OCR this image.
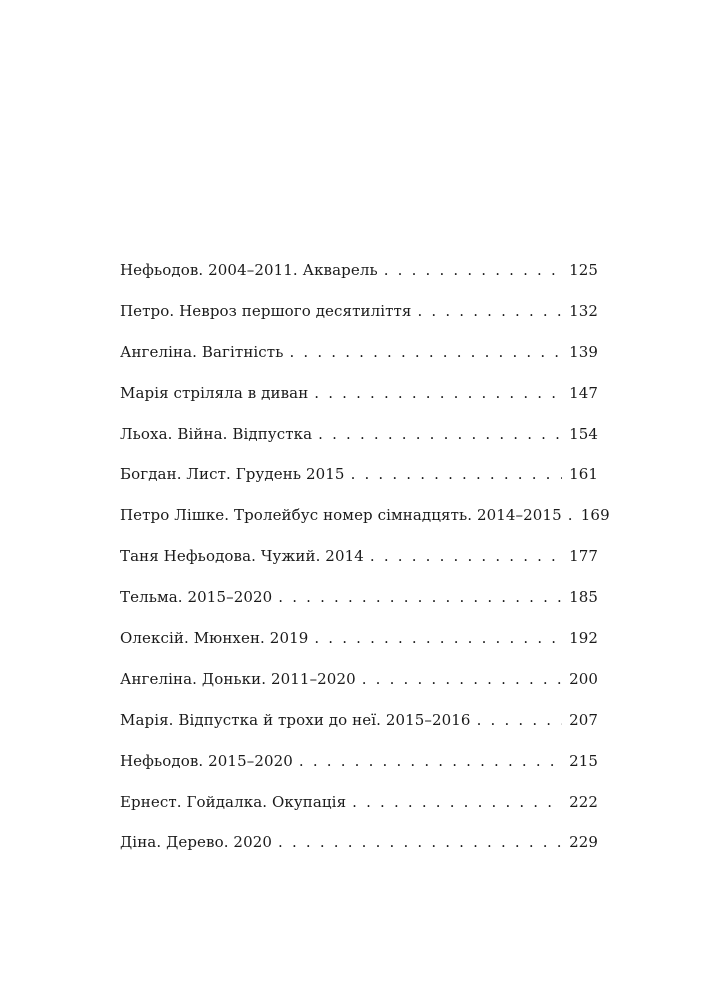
Нефьодов. 2004–2011. Акварель . . .	125
Петро. Невроз першого десятиліття . . .	132
Ангеліна. Вагітність . . .	139
Марія стріляла в диван . . .	147
Льоха. Війна. Відпустка . . .	154
Богдан. Лист. Грудень 2015 . . .	161
Петро Лішке. Тролейбус номер сімнадцять. 2014–2015 . . .	169
Таня Нефьодова. Чужий. 2014 . . .	177
Тельма. 2015–2020 . . .	185
Олексій. Мюнхен. 2019 . . .	192
Ангеліна. Доньки. 2011–2020 . . .	200
Марія. Відпустка й трохи до неї. 2015–2016 . . .	207
Нефьодов. 2015–2020 . . .	215
Ернест. Гойдалка. Окупація . . .	222
Діна. Дерево. 2020 . . .	229
